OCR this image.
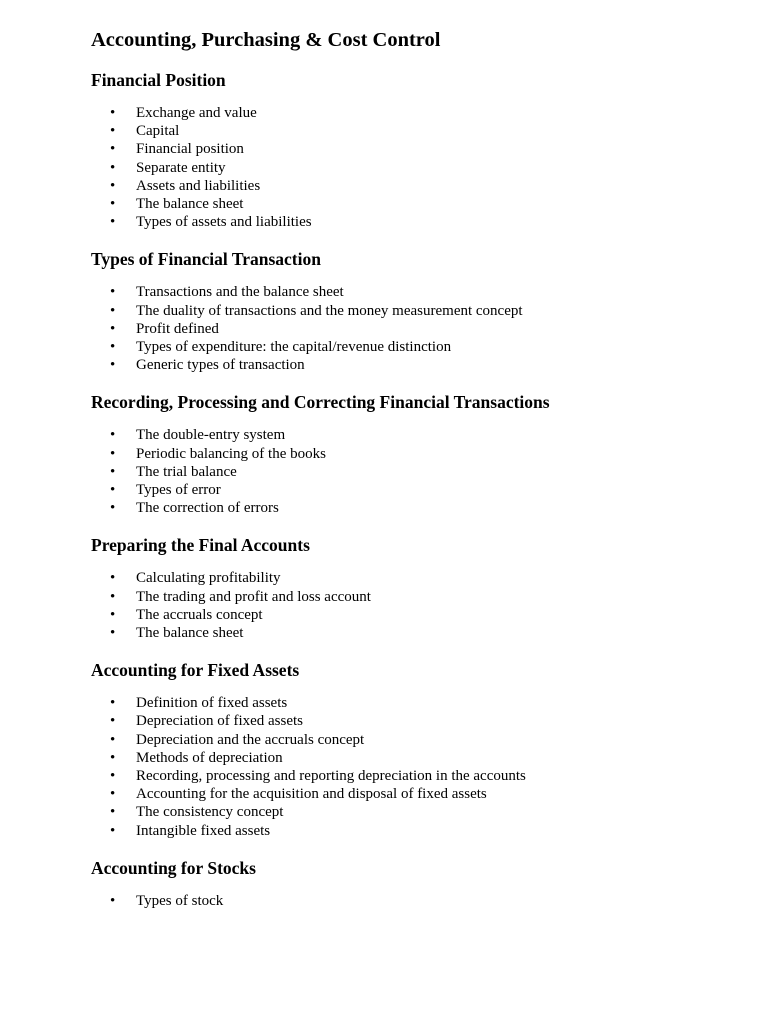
Accounting, Purchasing & Cost Control
Financial Position
• Exchange and value
• Capital
• Financial position
• Separate entity
• Assets and liabilities
• The balance sheet
• Types of assets and liabilities
Types of Financial Transaction
• Transactions and the balance sheet
• The duality of transactions and the money measurement concept
• Profit defined
• Types of expenditure: the capital/revenue distinction
• Generic types of transaction
Recording, Processing and Correcting Financial Transactions
• The double-entry system
• Periodic balancing of the books
• The trial balance
• Types of error
• The correction of errors
Preparing the Final Accounts
• Calculating profitability
• The trading and profit and loss account
• The accruals concept
• The balance sheet
Accounting for Fixed Assets
• Definition of fixed assets
• Depreciation of fixed assets
• Depreciation and the accruals concept
• Methods of depreciation
• Recording, processing and reporting depreciation in the accounts
• Accounting for the acquisition and disposal of fixed assets
• The consistency concept
• Intangible fixed assets
Accounting for Stocks
• Types of stock
